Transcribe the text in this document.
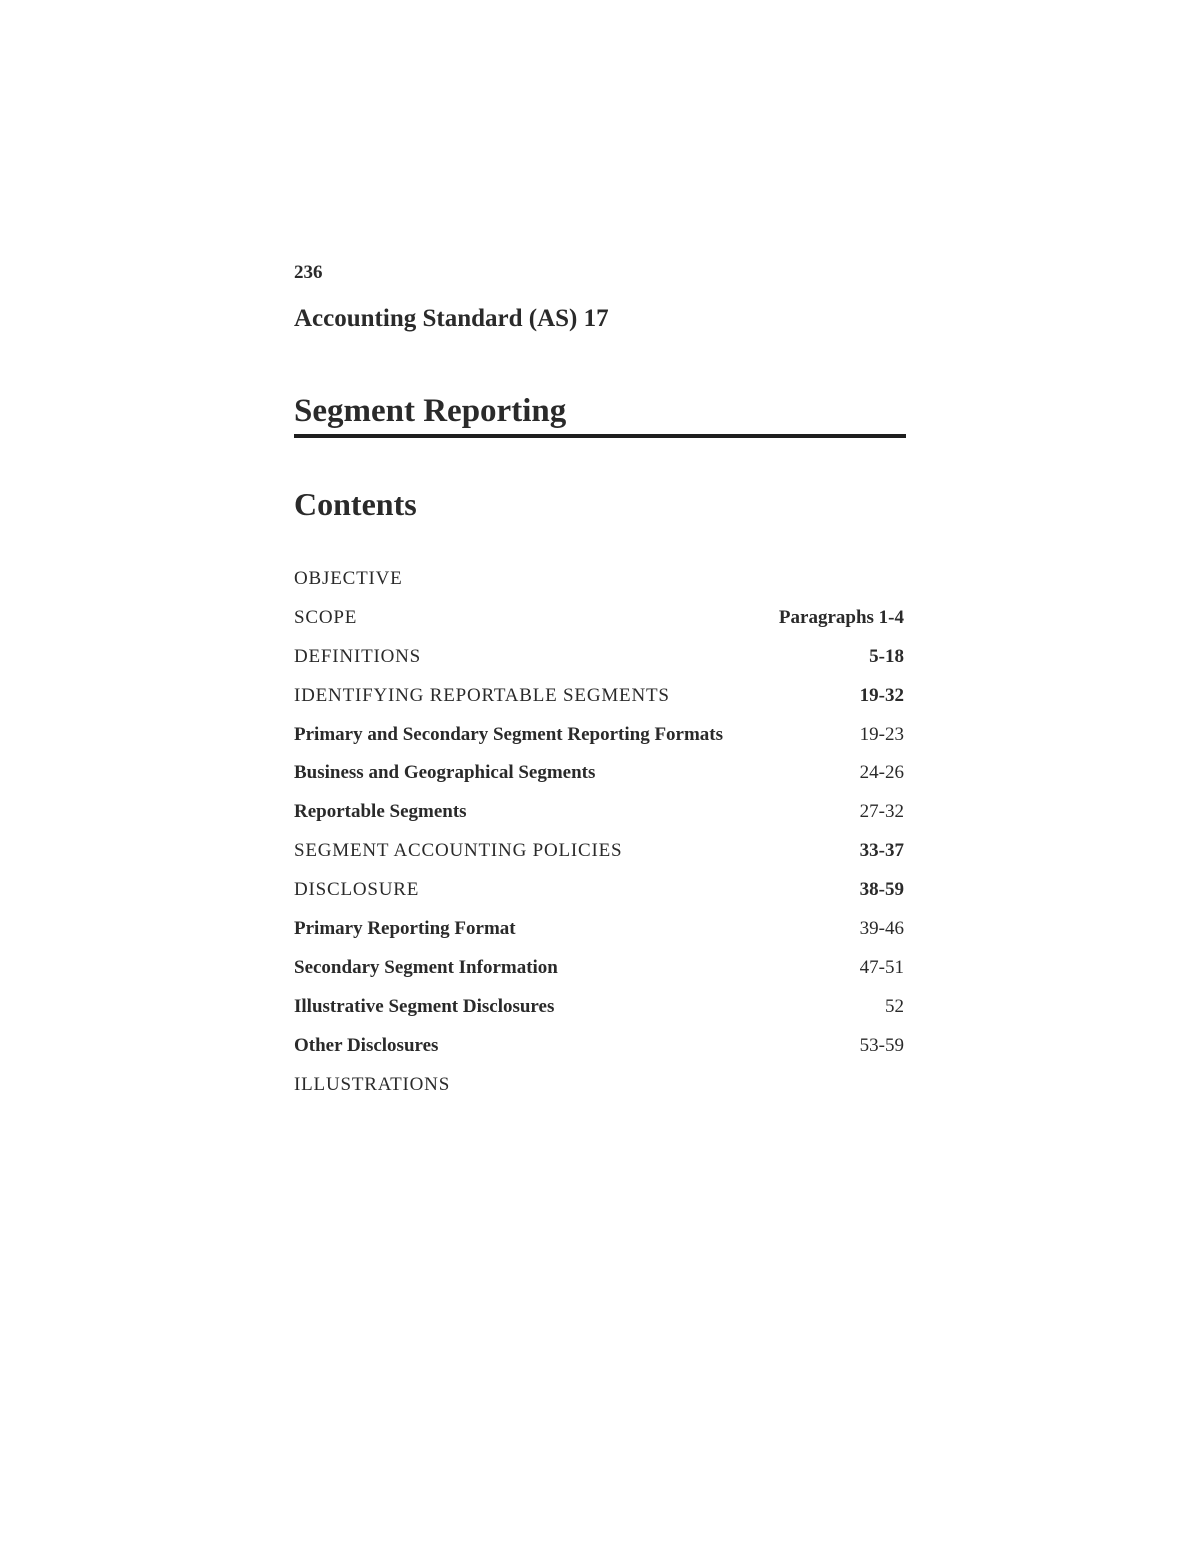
236
Accounting Standard (AS) 17
Segment Reporting
Contents
OBJECTIVE
SCOPE	Paragraphs 1-4
DEFINITIONS	5-18
IDENTIFYING REPORTABLE SEGMENTS	19-32
Primary and Secondary Segment Reporting Formats	19-23
Business and Geographical Segments	24-26
Reportable Segments	27-32
SEGMENT ACCOUNTING POLICIES	33-37
DISCLOSURE	38-59
Primary Reporting Format	39-46
Secondary Segment Information	47-51
Illustrative Segment Disclosures	52
Other Disclosures	53-59
ILLUSTRATIONS
